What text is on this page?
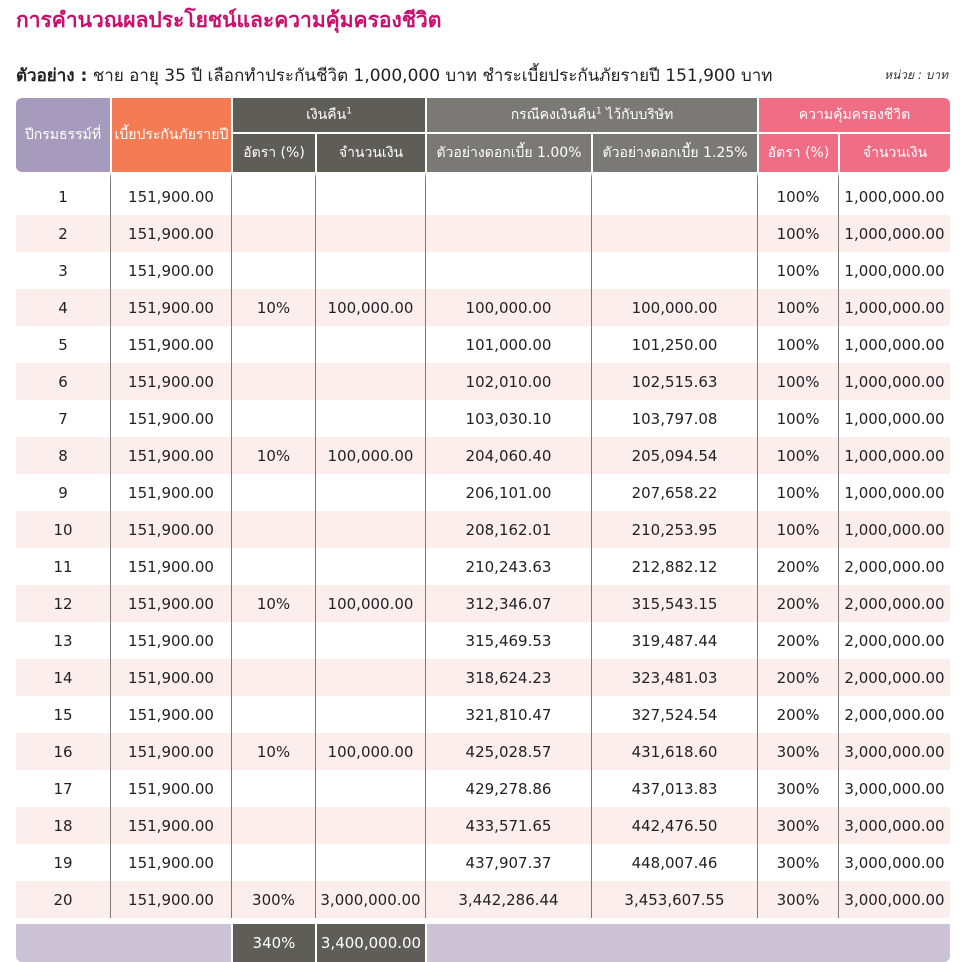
การคำนวณผลประโยชน์และความคุ้มครองชีวิต
ตัวอย่าง : ชาย อายุ 35 ปี เลือกทำประกันชีวิต 1,000,000 บาท ชำระเบี้ยประกันภัยรายปี 151,900 บาท	หน่วย : บาท
ปีกรมธรรม์ที่	เบี้ยประกันภัยรายปี	เงินคืน$^1$		กรณีคงเงินคืน$^1$ ไว้กับบริษัท		ความคุ้มครองชีวิต	
		อัตรา (%)	จำนวนเงิน	ตัวอย่างดอกเบี้ย 1.00%	ตัวอย่างดอกเบี้ย 1.25%	อัตรา (%)	จำนวนเงิน
1	151,900.00					100%	1,000,000.00
2	151,900.00					100%	1,000,000.00
3	151,900.00					100%	1,000,000.00
4	151,900.00	10%	100,000.00	100,000.00	100,000.00	100%	1,000,000.00
5	151,900.00			101,000.00	101,250.00	100%	1,000,000.00
6	151,900.00			102,010.00	102,515.63	100%	1,000,000.00
7	151,900.00			103,030.10	103,797.08	100%	1,000,000.00
8	151,900.00	10%	100,000.00	204,060.40	205,094.54	100%	1,000,000.00
9	151,900.00			206,101.00	207,658.22	100%	1,000,000.00
10	151,900.00			208,162.01	210,253.95	100%	1,000,000.00
11	151,900.00			210,243.63	212,882.12	200%	2,000,000.00
12	151,900.00	10%	100,000.00	312,346.07	315,543.15	200%	2,000,000.00
13	151,900.00			315,469.53	319,487.44	200%	2,000,000.00
14	151,900.00			318,624.23	323,481.03	200%	2,000,000.00
15	151,900.00			321,810.47	327,524.54	200%	2,000,000.00
16	151,900.00	10%	100,000.00	425,028.57	431,618.60	300%	3,000,000.00
17	151,900.00			429,278.86	437,013.83	300%	3,000,000.00
18	151,900.00			433,571.65	442,476.50	300%	3,000,000.00
19	151,900.00			437,907.37	448,007.46	300%	3,000,000.00
20	151,900.00	300%	3,000,000.00	3,442,286.44	3,453,607.55	300%	3,000,000.00
		340%	3,400,000.00				
